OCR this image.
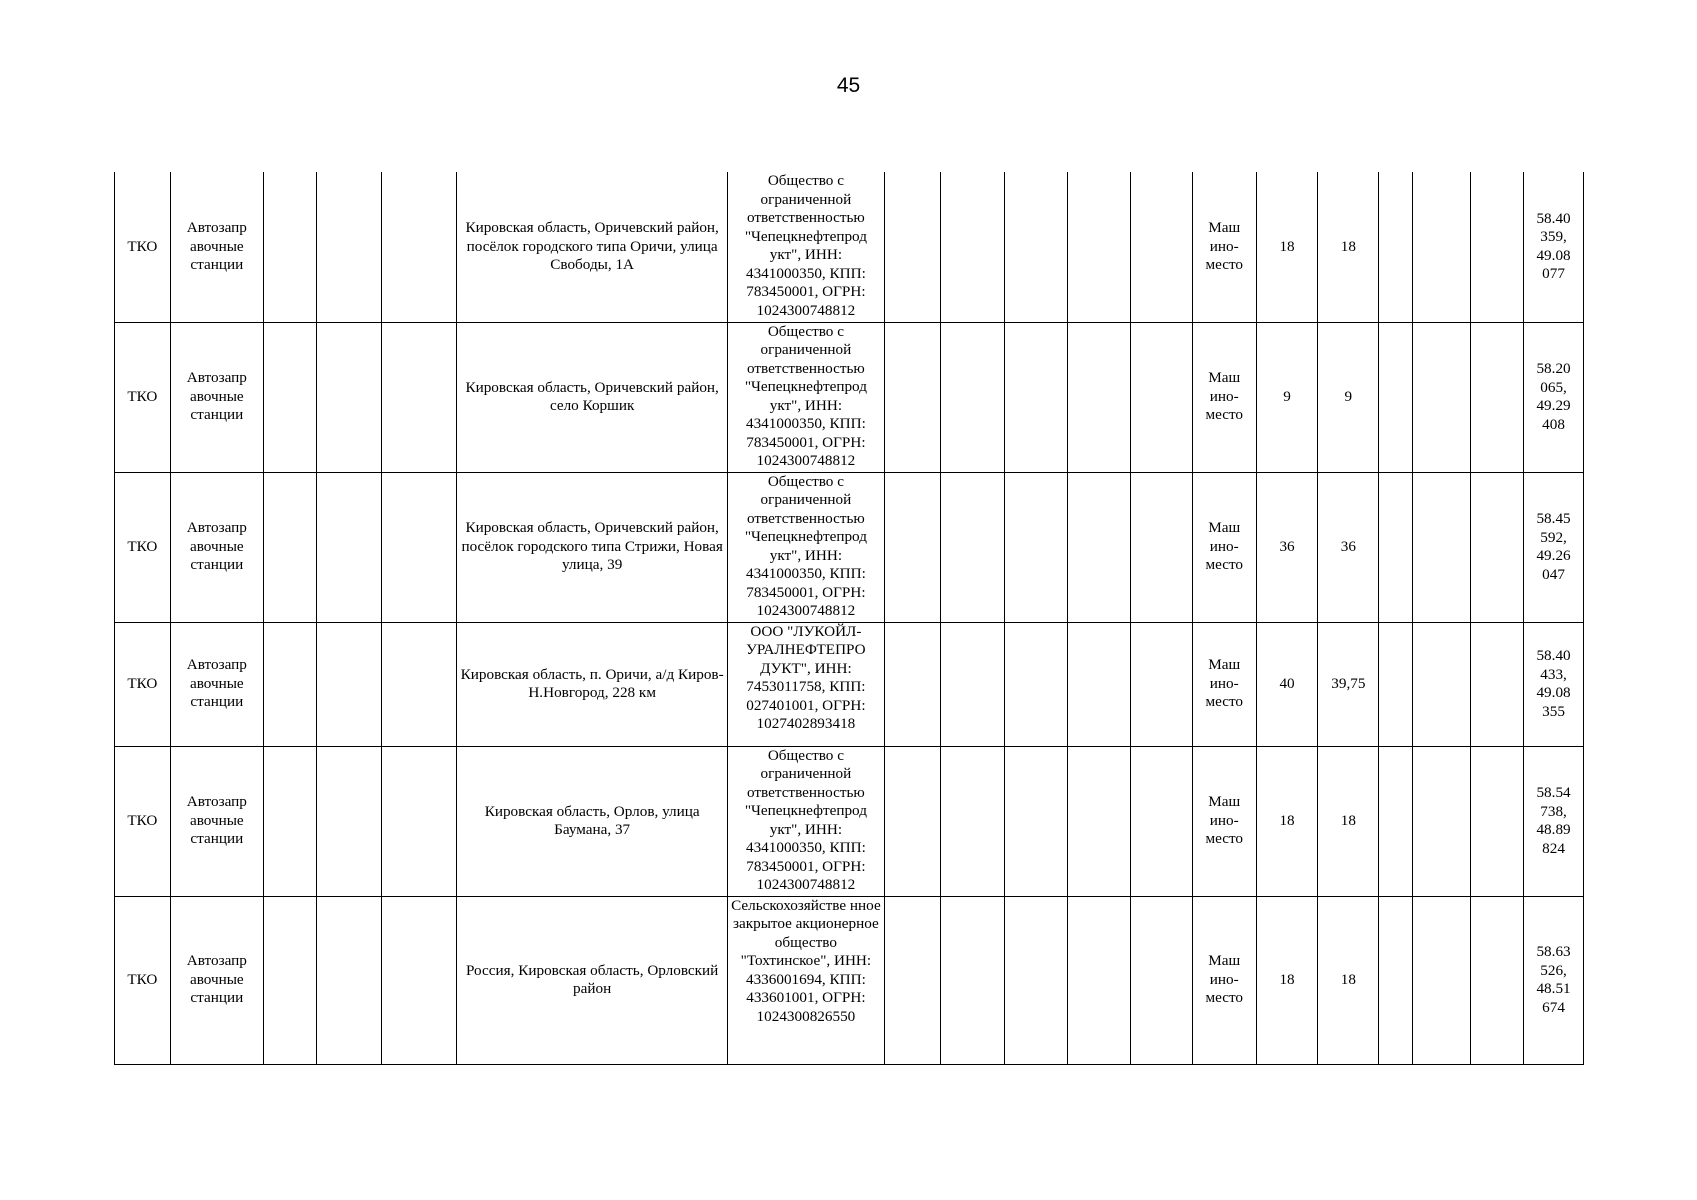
45
ТКО	Автозапр авочные станции				Кировская область, Оричевский район, посёлок городского типа Оричи, улица Свободы, 1А	Общество с ограниченной ответственностью "Чепецкнефтепрод укт", ИНН: 4341000350, КПП: 783450001, ОГРН: 1024300748812						Маш ино-место	18	18				58.40 359, 49.08 077
ТКО	Автозапр авочные станции				Кировская область, Оричевский район, село Коршик	Общество с ограниченной ответственностью "Чепецкнефтепрод укт", ИНН: 4341000350, КПП: 783450001, ОГРН: 1024300748812						Маш ино-место	9	9				58.20 065, 49.29 408
ТКО	Автозапр авочные станции				Кировская область, Оричевский район, посёлок городского типа Стрижи, Новая улица, 39	Общество с ограниченной ответственностью "Чепецкнефтепрод укт", ИНН: 4341000350, КПП: 783450001, ОГРН: 1024300748812						Маш ино-место	36	36				58.45 592, 49.26 047
ТКО	Автозапр авочные станции				Кировская область, п. Оричи, а/д Киров-Н.Новгород, 228 км	ООО "ЛУКОЙЛ-УРАЛНЕФТЕПРО ДУКТ", ИНН: 7453011758, КПП: 027401001, ОГРН: 1027402893418						Маш ино-место	40	39,75				58.40 433, 49.08 355
ТКО	Автозапр авочные станции				Кировская область, Орлов, улица Баумана, 37	Общество с ограниченной ответственностью "Чепецкнефтепрод укт", ИНН: 4341000350, КПП: 783450001, ОГРН: 1024300748812						Маш ино-место	18	18				58.54 738, 48.89 824
ТКО	Автозапр авочные станции				Россия, Кировская область, Орловский район	Сельскохозяйстве нное закрытое акционерное общество "Тохтинское", ИНН: 4336001694, КПП: 433601001, ОГРН: 1024300826550						Маш ино-место	18	18				58.63 526, 48.51 674
